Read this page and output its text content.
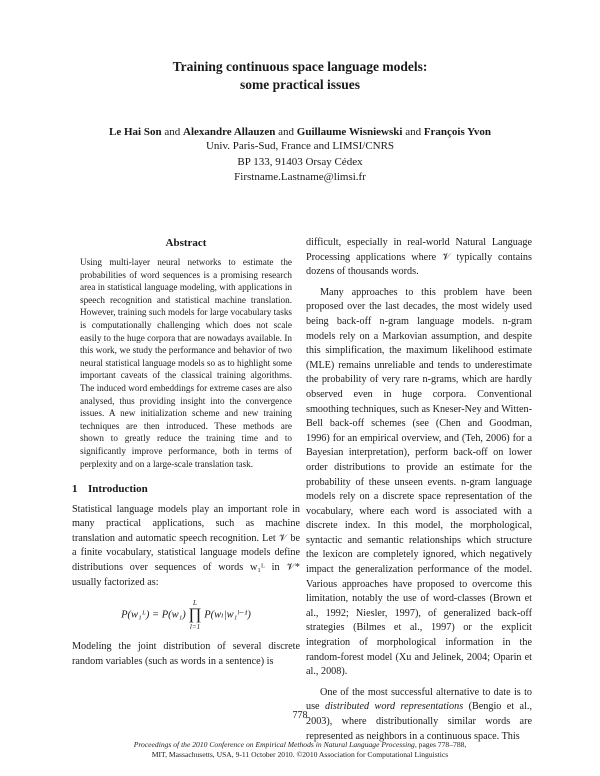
Training continuous space language models:
some practical issues
Le Hai Son and Alexandre Allauzen and Guillaume Wisniewski and François Yvon
Univ. Paris-Sud, France and LIMSI/CNRS
BP 133, 91403 Orsay Cédex
Firstname.Lastname@limsi.fr
Abstract

Using multi-layer neural networks to estimate the probabilities of word sequences is a promising research area in statistical language modeling, with applications in speech recognition and statistical machine translation. However, training such models for large vocabulary tasks is computationally challenging which does not scale easily to the huge corpora that are nowadays available. In this work, we study the performance and behavior of two neural statistical language models so as to highlight some important caveats of the classical training algorithms. The induced word embeddings for extreme cases are also analysed, thus providing insight into the convergence issues. A new initialization scheme and new training techniques are then introduced. These methods are shown to greatly reduce the training time and to significantly improve performance, both in terms of perplexity and on a large-scale translation task.

1 Introduction

Statistical language models play an important role in many practical applications, such as machine translation and automatic speech recognition. Let 𝒱 be a finite vocabulary, statistical language models define distributions over sequences of words w₁ᴸ in 𝒱* usually factorized as:

P(w₁ᴸ) = P(w₁)
L
∏
l=1
P(wₗ|w₁ˡ⁻¹)

Modeling the joint distribution of several discrete random variables (such as words in a sentence) is

difficult, especially in real-world Natural Language Processing applications where 𝒱 typically contains dozens of thousands words.

Many approaches to this problem have been proposed over the last decades, the most widely used being back-off n-gram language models. n-gram models rely on a Markovian assumption, and despite this simplification, the maximum likelihood estimate (MLE) remains unreliable and tends to underestimate the probability of very rare n-grams, which are hardly observed even in huge corpora. Conventional smoothing techniques, such as Kneser-Ney and Witten-Bell back-off schemes (see (Chen and Goodman, 1996) for an empirical overview, and (Teh, 2006) for a Bayesian interpretation), perform back-off on lower order distributions to provide an estimate for the probability of these unseen events. n-gram language models rely on a discrete space representation of the vocabulary, where each word is associated with a discrete index. In this model, the morphological, syntactic and semantic relationships which structure the lexicon are completely ignored, which negatively impact the generalization performance of the model. Various approaches have proposed to overcome this limitation, notably the use of word-classes (Brown et al., 1992; Niesler, 1997), of generalized back-off strategies (Bilmes et al., 1997) or the explicit integration of morphological information in the random-forest model (Xu and Jelinek, 2004; Oparin et al., 2008).

One of the most successful alternative to date is to use distributed word representations (Bengio et al., 2003), where distributionally similar words are represented as neighbors in a continuous space. This

778
Proceedings of the 2010 Conference on Empirical Methods in Natural Language Processing, pages 778–788,
MIT, Massachusetts, USA, 9-11 October 2010. ©2010 Association for Computational Linguistics
